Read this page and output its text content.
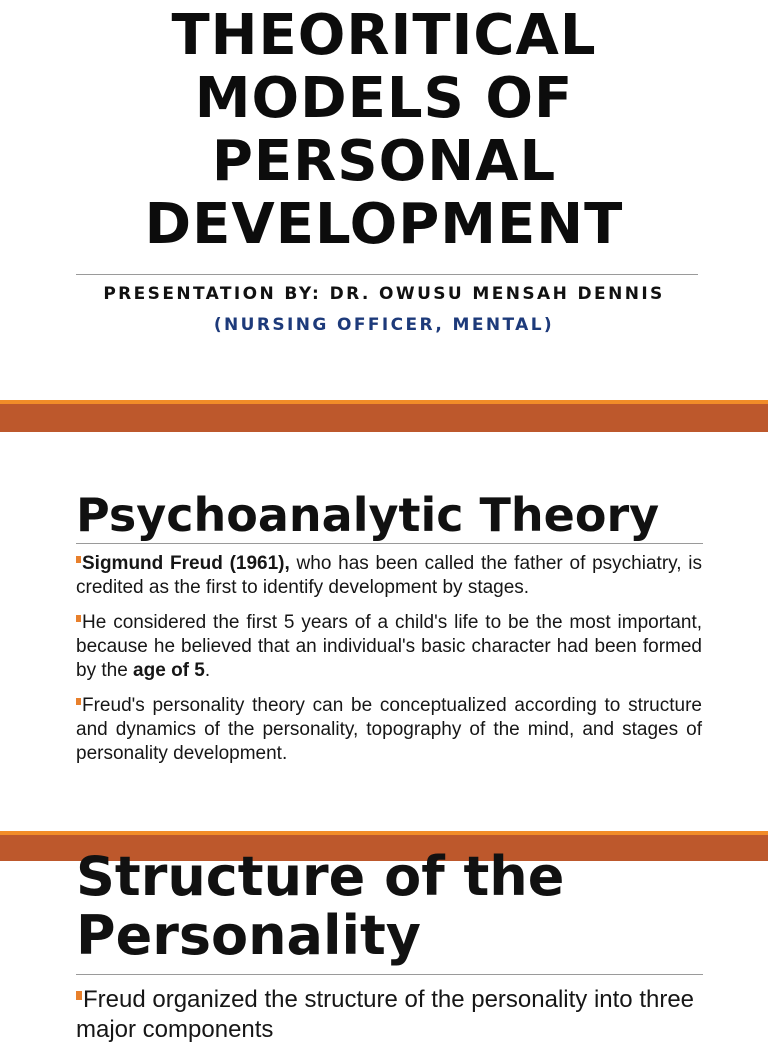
THEORITICAL
MODELS OF
PERSONAL
DEVELOPMENT
PRESENTATION BY: DR. OWUSU MENSAH DENNIS
(NURSING OFFICER, MENTAL)
Psychoanalytic Theory
Sigmund Freud (1961), who has been called the father of psychiatry, is credited as the first to identify development by stages.
He considered the first 5 years of a child's life to be the most important, because he believed that an individual's basic character had been formed by the age of 5.
Freud's personality theory can be conceptualized according to structure and dynamics of the personality, topography of the mind, and stages of personality development.
Structure of the
Personality
Freud organized the structure of the personality into three major components
